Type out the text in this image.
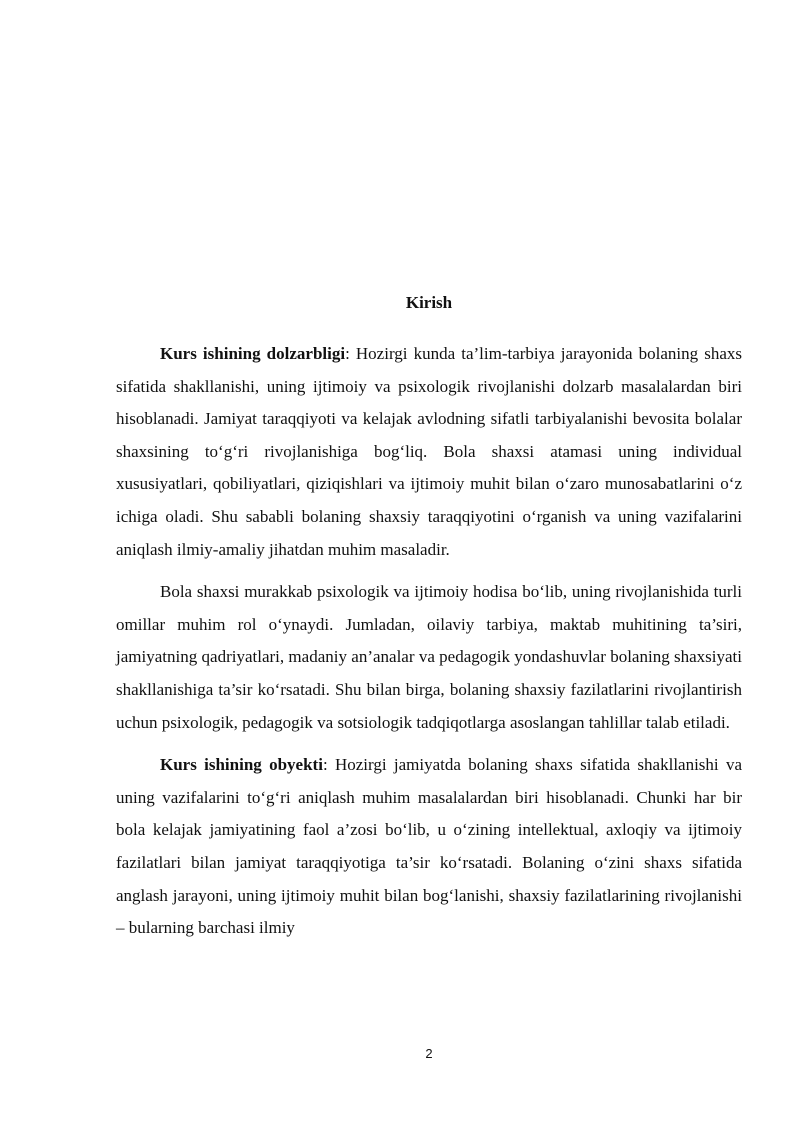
Kirish

Kurs ishining dolzarbligi: Hozirgi kunda ta’lim-tarbiya jarayonida bolaning shaxs sifatida shakllanishi, uning ijtimoiy va psixologik rivojlanishi dolzarb masalalardan biri hisoblanadi. Jamiyat taraqqiyoti va kelajak avlodning sifatli tarbiyalanishi bevosita bolalar shaxsining to‘g‘ri rivojlanishiga bog‘liq. Bola shaxsi atamasi uning individual xususiyatlari, qobiliyatlari, qiziqishlari va ijtimoiy muhit bilan o‘zaro munosabatlarini o‘z ichiga oladi. Shu sababli bolaning shaxsiy taraqqiyotini o‘rganish va uning vazifalarini aniqlash ilmiy-amaliy jihatdan muhim masaladir.

Bola shaxsi murakkab psixologik va ijtimoiy hodisa bo‘lib, uning rivojlanishida turli omillar muhim rol o‘ynaydi. Jumladan, oilaviy tarbiya, maktab muhitining ta’siri, jamiyatning qadriyatlari, madaniy an’analar va pedagogik yondashuvlar bolaning shaxsiyati shakllanishiga ta’sir ko‘rsatadi. Shu bilan birga, bolaning shaxsiy fazilatlarini rivojlantirish uchun psixologik, pedagogik va sotsiologik tadqiqotlarga asoslangan tahlillar talab etiladi.

Kurs ishining obyekti: Hozirgi jamiyatda bolaning shaxs sifatida shakllanishi va uning vazifalarini to‘g‘ri aniqlash muhim masalalardan biri hisoblanadi. Chunki har bir bola kelajak jamiyatining faol a’zosi bo‘lib, u o‘zining intellektual, axloqiy va ijtimoiy fazilatlari bilan jamiyat taraqqiyotiga ta’sir ko‘rsatadi. Bolaning o‘zini shaxs sifatida anglash jarayoni, uning ijtimoiy muhit bilan bog‘lanishi, shaxsiy fazilatlarining rivojlanishi – bularning barchasi ilmiy

2
